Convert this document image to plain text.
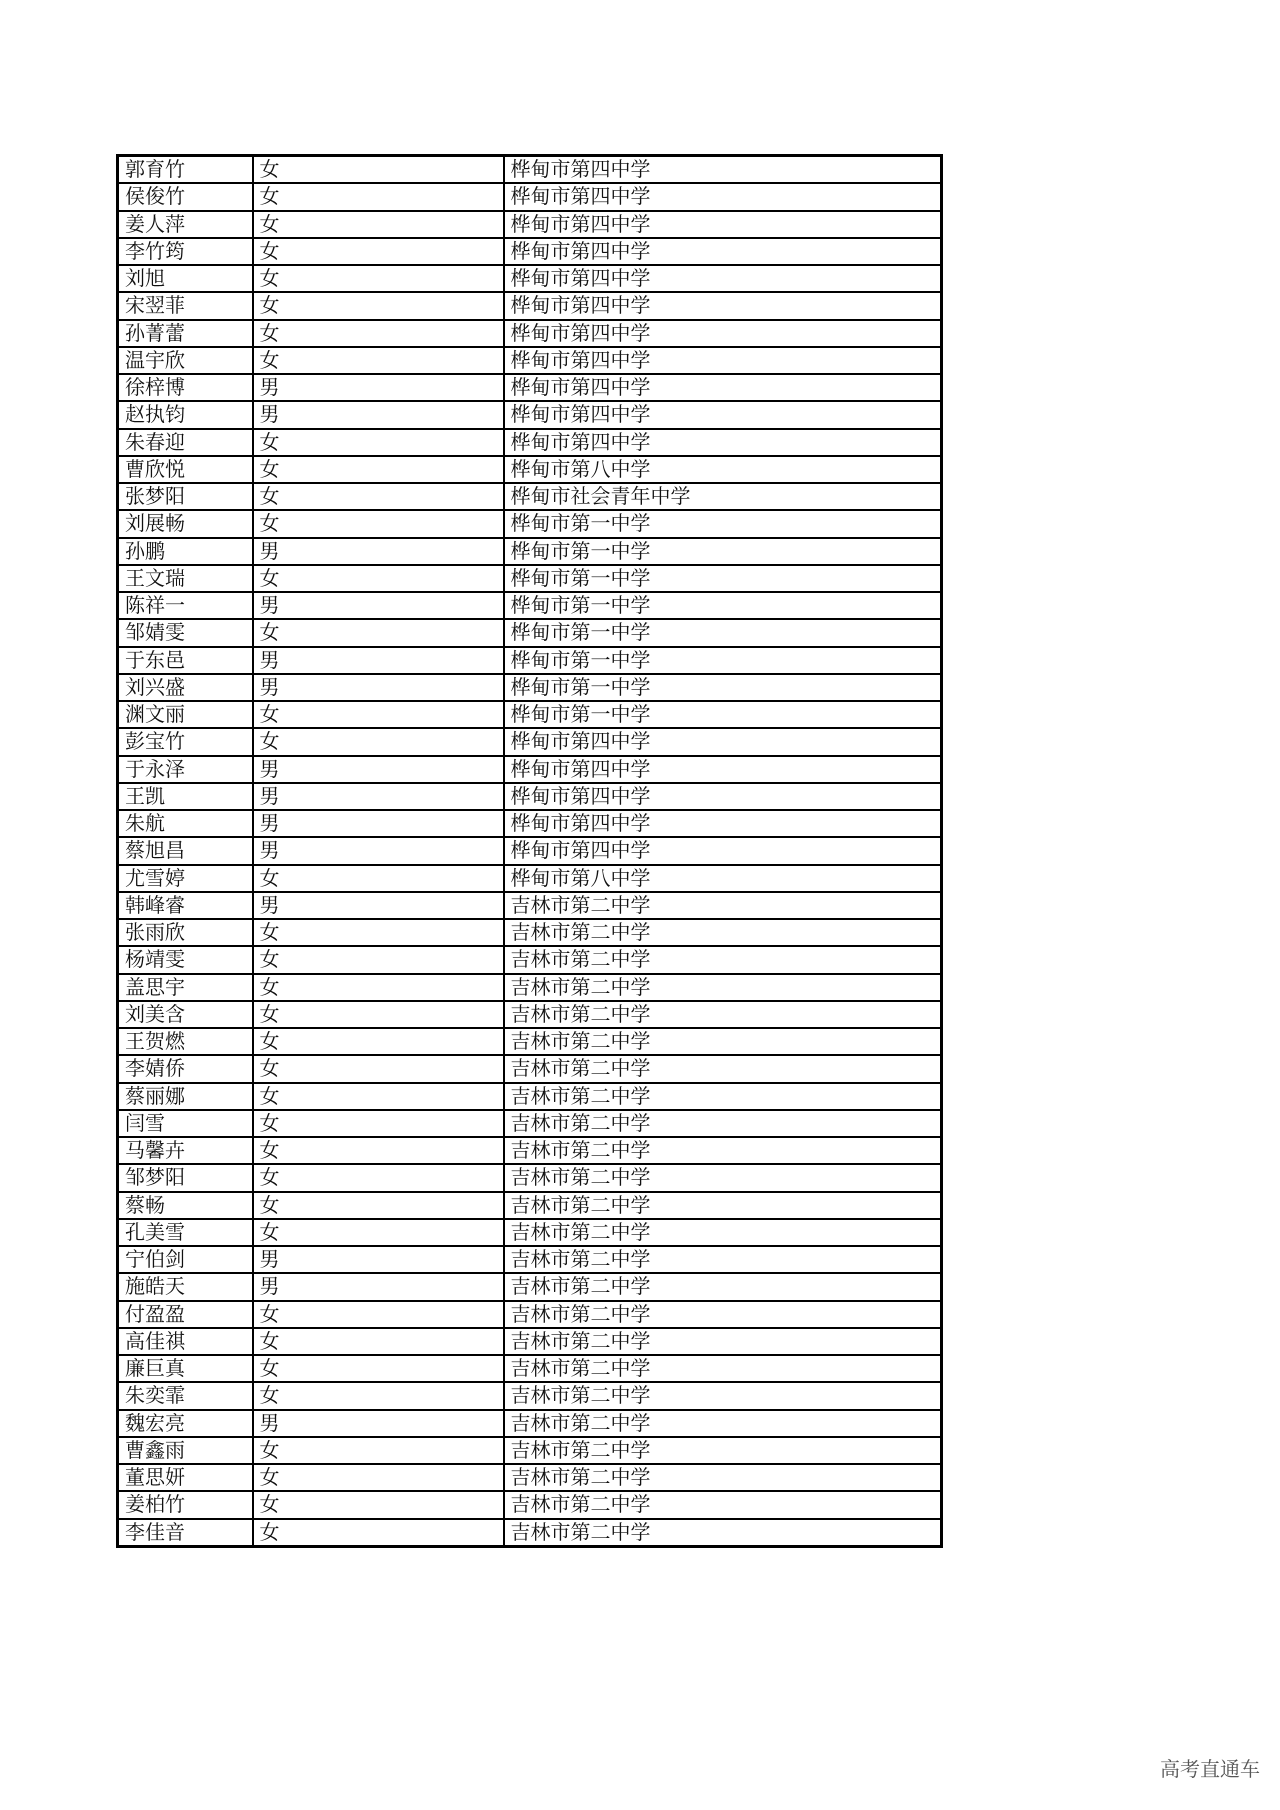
郭育竹	女	桦甸市第四中学
侯俊竹	女	桦甸市第四中学
姜人萍	女	桦甸市第四中学
李竹筠	女	桦甸市第四中学
刘旭	女	桦甸市第四中学
宋翌菲	女	桦甸市第四中学
孙菁蕾	女	桦甸市第四中学
温宇欣	女	桦甸市第四中学
徐梓博	男	桦甸市第四中学
赵执钧	男	桦甸市第四中学
朱春迎	女	桦甸市第四中学
曹欣悦	女	桦甸市第八中学
张梦阳	女	桦甸市社会青年中学
刘展畅	女	桦甸市第一中学
孙鹏	男	桦甸市第一中学
王文瑞	女	桦甸市第一中学
陈祥一	男	桦甸市第一中学
邹婧雯	女	桦甸市第一中学
于东邑	男	桦甸市第一中学
刘兴盛	男	桦甸市第一中学
渊文丽	女	桦甸市第一中学
彭宝竹	女	桦甸市第四中学
于永泽	男	桦甸市第四中学
王凯	男	桦甸市第四中学
朱航	男	桦甸市第四中学
蔡旭昌	男	桦甸市第四中学
尤雪婷	女	桦甸市第八中学
韩峰睿	男	吉林市第二中学
张雨欣	女	吉林市第二中学
杨靖雯	女	吉林市第二中学
盖思宇	女	吉林市第二中学
刘美含	女	吉林市第二中学
王贺燃	女	吉林市第二中学
李婧侨	女	吉林市第二中学
蔡丽娜	女	吉林市第二中学
闫雪	女	吉林市第二中学
马馨卉	女	吉林市第二中学
邹梦阳	女	吉林市第二中学
蔡畅	女	吉林市第二中学
孔美雪	女	吉林市第二中学
宁伯剑	男	吉林市第二中学
施皓天	男	吉林市第二中学
付盈盈	女	吉林市第二中学
高佳祺	女	吉林市第二中学
廉巨真	女	吉林市第二中学
朱奕霏	女	吉林市第二中学
魏宏亮	男	吉林市第二中学
曹鑫雨	女	吉林市第二中学
董思妍	女	吉林市第二中学
姜柏竹	女	吉林市第二中学
李佳音	女	吉林市第二中学
高考直通车
